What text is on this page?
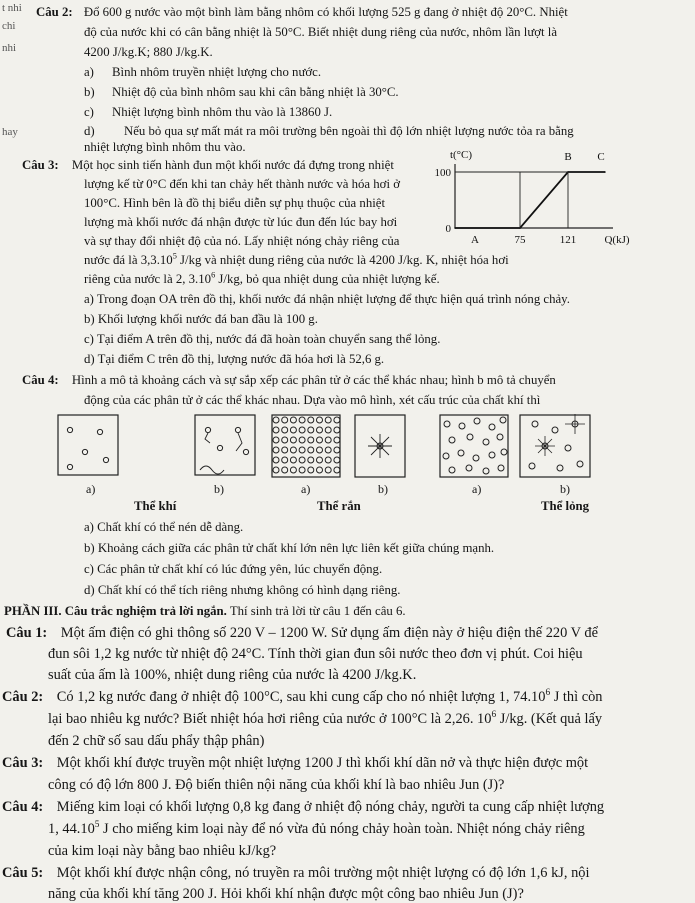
t nhi
chi
nhi
hay
Câu 2: Đổ 600 g nước vào một bình làm bằng nhôm có khối lượng 525 g đang ở nhiệt độ 20°C. Nhiệt
độ của nước khi có cân bằng nhiệt là 50°C. Biết nhiệt dung riêng của nước, nhôm lần lượt là
4200 J/kg.K; 880 J/kg.K.
a) Bình nhôm truyền nhiệt lượng cho nước.
b) Nhiệt độ của bình nhôm sau khi cân bằng nhiệt là 30°C.
c) Nhiệt lượng bình nhôm thu vào là 13860 J.
d) Nếu bỏ qua sự mất mát ra môi trường bên ngoài thì độ lớn nhiệt lượng nước tỏa ra bằng
nhiệt lượng bình nhôm thu vào.
Câu 3: Một học sinh tiến hành đun một khối nước đá đựng trong nhiệt
lượng kế từ 0°C đến khi tan chảy hết thành nước và hóa hơi ở
100°C. Hình bên là đồ thị biểu diễn sự phụ thuộc của nhiệt
lượng mà khối nước đá nhận được từ lúc đun đến lúc bay hơi
và sự thay đổi nhiệt độ của nó. Lấy nhiệt nóng chảy riêng của
nước đá là 3,3.10$^5$ J/kg và nhiệt dung riêng của nước là 4200 J/kg. K, nhiệt hóa hơi
riêng của nước là 2, 3.10$^6$ J/kg, bỏ qua nhiệt dung của nhiệt lượng kế.
0
100
t(°C)
A	75	121	Q(kJ)
B C
a) Trong đoạn OA trên đồ thị, khối nước đá nhận nhiệt lượng để thực hiện quá trình nóng chảy.
b) Khối lượng khối nước đá ban đầu là 100 g.
c) Tại điểm A trên đồ thị, nước đá đã hoàn toàn chuyển sang thể lỏng.
d) Tại điểm C trên đồ thị, lượng nước đã hóa hơi là 52,6 g.
Câu 4: Hình a mô tả khoảng cách và sự sắp xếp các phân tử ở các thể khác nhau; hình b mô tả chuyển
động của các phân tử ở các thể khác nhau. Dựa vào mô hình, xét cấu trúc của chất khí thì
a)	b)	a)	b)	a)	b)
Thể khí	Thể rắn	Thể lỏng
a) Chất khí có thể nén dễ dàng.
b) Khoảng cách giữa các phân tử chất khí lớn nên lực liên kết giữa chúng mạnh.
c) Các phân tử chất khí có lúc đứng yên, lúc chuyển động.
d) Chất khí có thể tích riêng nhưng không có hình dạng riêng.
PHẦN III. Câu trắc nghiệm trả lời ngắn. Thí sinh trả lời từ câu 1 đến câu 6.
Câu 1: Một ấm điện có ghi thông số 220 V – 1200 W. Sử dụng ấm điện này ở hiệu điện thế 220 V để
đun sôi 1,2 kg nước từ nhiệt độ 24°C. Tính thời gian đun sôi nước theo đơn vị phút. Coi hiệu
suất của ấm là 100%, nhiệt dung riêng của nước là 4200 J/kg.K.
Câu 2: Có 1,2 kg nước đang ở nhiệt độ 100°C, sau khi cung cấp cho nó nhiệt lượng 1, 74.10$^6$ J thì còn
lại bao nhiêu kg nước? Biết nhiệt hóa hơi riêng của nước ở 100°C là 2,26. $10^6$ J/kg. (Kết quả lấy
đến 2 chữ số sau dấu phẩy thập phân)
Câu 3: Một khối khí được truyền một nhiệt lượng 1200 J thì khối khí dãn nở và thực hiện được một
công có độ lớn 800 J. Độ biến thiên nội năng của khối khí là bao nhiêu Jun (J)?
Câu 4: Miếng kim loại có khối lượng 0,8 kg đang ở nhiệt độ nóng chảy, người ta cung cấp nhiệt lượng
1, 44.10$^5$ J cho miếng kim loại này để nó vừa đủ nóng chảy hoàn toàn. Nhiệt nóng chảy riêng
của kim loại này bằng bao nhiêu kJ/kg?
Câu 5: Một khối khí được nhận công, nó truyền ra môi trường một nhiệt lượng có độ lớn 1,6 kJ, nội
năng của khối khí tăng 200 J. Hỏi khối khí nhận được một công bao nhiêu Jun (J)?
